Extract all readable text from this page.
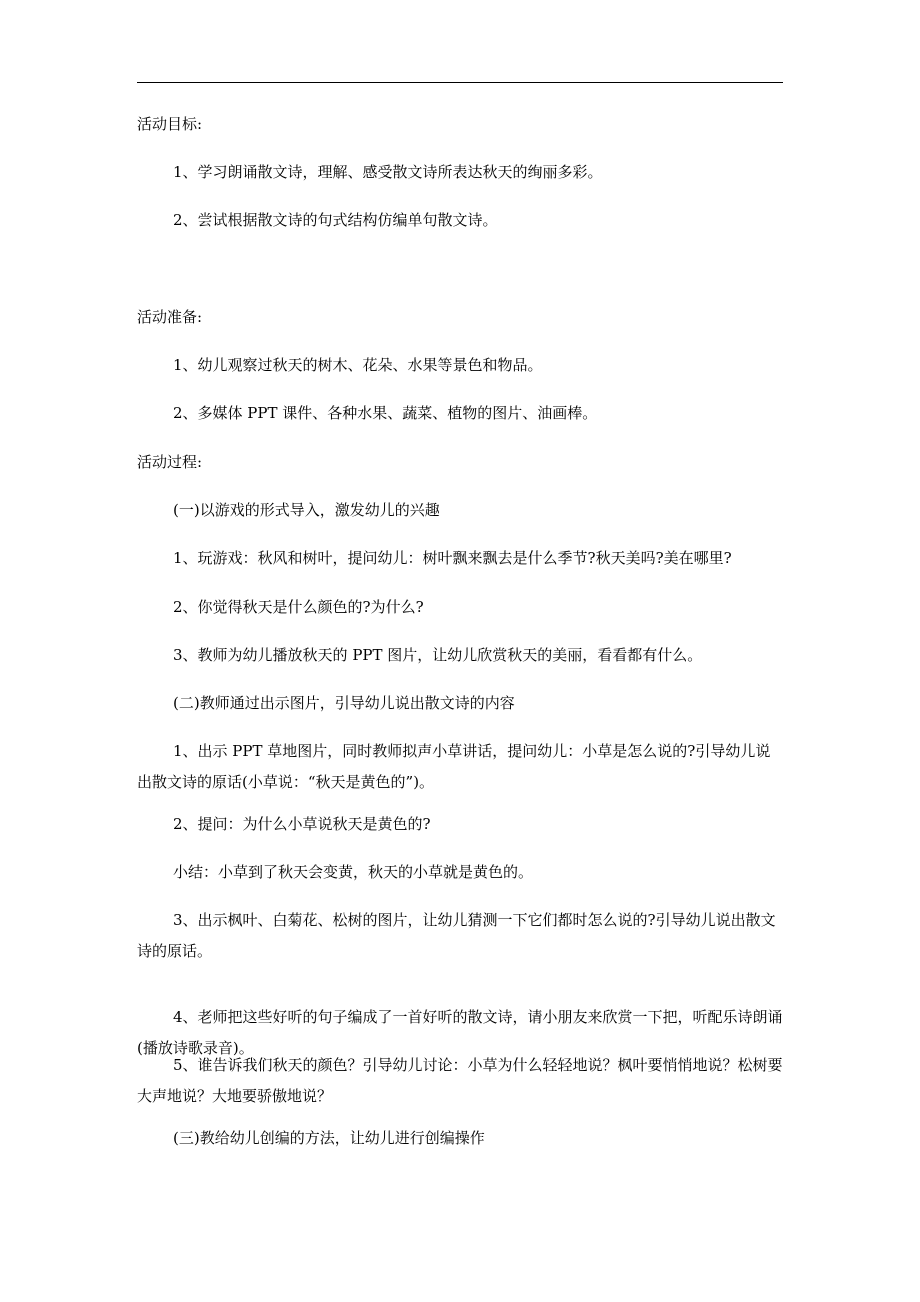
活动目标:
1、学习朗诵散文诗，理解、感受散文诗所表达秋天的绚丽多彩。
2、尝试根据散文诗的句式结构仿编单句散文诗。
活动准备:
1、幼儿观察过秋天的树木、花朵、水果等景色和物品。
2、多媒体 PPT 课件、各种水果、蔬菜、植物的图片、油画棒。
活动过程:
(一)以游戏的形式导入，激发幼儿的兴趣
1、玩游戏：秋风和树叶，提问幼儿：树叶飘来飘去是什么季节?秋天美吗?美在哪里?
2、你觉得秋天是什么颜色的?为什么?
3、教师为幼儿播放秋天的 PPT 图片，让幼儿欣赏秋天的美丽，看看都有什么。
(二)教师通过出示图片，引导幼儿说出散文诗的内容
1、出示 PPT 草地图片，同时教师拟声小草讲话，提问幼儿：小草是怎么说的?引导幼儿说出散文诗的原话(小草说：“秋天是黄色的”)。
2、提问：为什么小草说秋天是黄色的?
小结：小草到了秋天会变黄，秋天的小草就是黄色的。
3、出示枫叶、白菊花、松树的图片，让幼儿猜测一下它们都时怎么说的?引导幼儿说出散文诗的原话。
4、老师把这些好听的句子编成了一首好听的散文诗，请小朋友来欣赏一下把，听配乐诗朗诵(播放诗歌录音)。
5、谁告诉我们秋天的颜色？引导幼儿讨论：小草为什么轻轻地说？枫叶要悄悄地说？松树要大声地说？大地要骄傲地说？
(三)教给幼儿创编的方法，让幼儿进行创编操作
